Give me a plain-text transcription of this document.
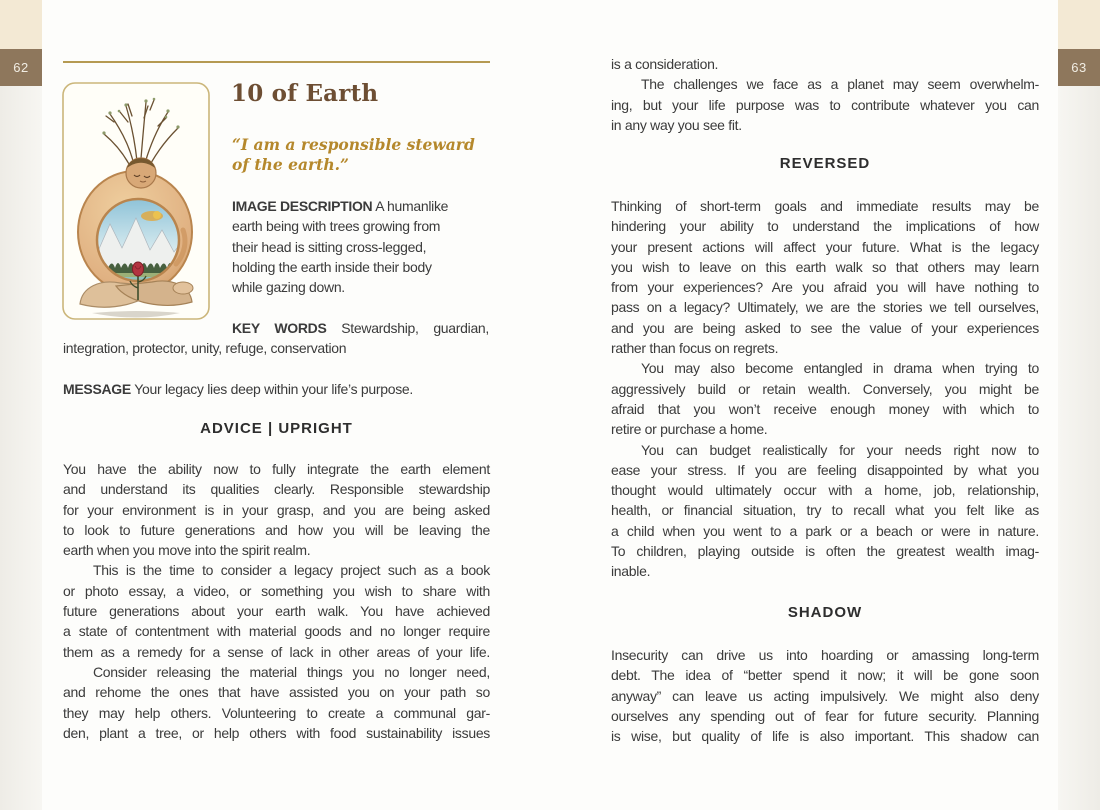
62	63
10 of Earth
“I am a responsible steward
of the earth.”
IMAGE DESCRIPTION A humanlike
earth being with trees growing from
their head is sitting cross-legged,
holding the earth inside their body
while gazing down.
KEY WORDS Stewardship, guardian,
integration, protector, unity, refuge, conservation
MESSAGE Your legacy lies deep within your life’s purpose.
ADVICE | UPRIGHT
You have the ability now to fully integrate the earth element
and understand its qualities clearly. Responsible stewardship
for your environment is in your grasp, and you are being asked
to look to future generations and how you will be leaving the
earth when you move into the spirit realm.
This is the time to consider a legacy project such as a book
or photo essay, a video, or something you wish to share with
future generations about your earth walk. You have achieved
a state of contentment with material goods and no longer require
them as a remedy for a sense of lack in other areas of your life.
Consider releasing the material things you no longer need,
and rehome the ones that have assisted you on your path so
they may help others. Volunteering to create a communal gar-
den, plant a tree, or help others with food sustainability issues
is a consideration.
The challenges we face as a planet may seem overwhelm-
ing, but your life purpose was to contribute whatever you can
in any way you see fit.
REVERSED
Thinking of short-term goals and immediate results may be
hindering your ability to understand the implications of how
your present actions will affect your future. What is the legacy
you wish to leave on this earth walk so that others may learn
from your experiences? Are you afraid you will have nothing to
pass on a legacy? Ultimately, we are the stories we tell ourselves,
and you are being asked to see the value of your experiences
rather than focus on regrets.
You may also become entangled in drama when trying to
aggressively build or retain wealth. Conversely, you might be
afraid that you won’t receive enough money with which to
retire or purchase a home.
You can budget realistically for your needs right now to
ease your stress. If you are feeling disappointed by what you
thought would ultimately occur with a home, job, relationship,
health, or financial situation, try to recall what you felt like as
a child when you went to a park or a beach or were in nature.
To children, playing outside is often the greatest wealth imag-
inable.
SHADOW
Insecurity can drive us into hoarding or amassing long-term
debt. The idea of “better spend it now; it will be gone soon
anyway” can leave us acting impulsively. We might also deny
ourselves any spending out of fear for future security. Planning
is wise, but quality of life is also important. This shadow can
